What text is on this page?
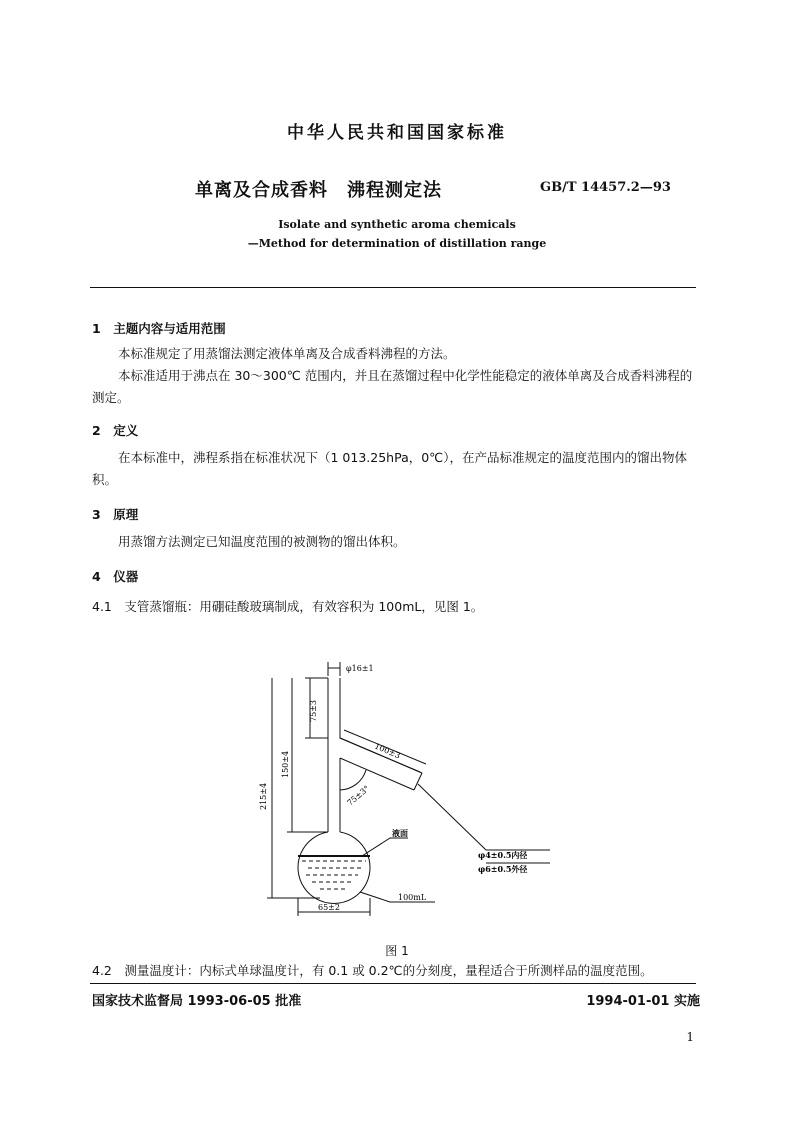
中华人民共和国国家标准
单离及合成香料　沸程测定法	GB/T 14457.2—93
Isolate and synthetic aroma chemicals
—Method for determination of distillation range
1　主题内容与适用范围
本标准规定了用蒸馏法测定液体单离及合成香料沸程的方法。
本标准适用于沸点在 30～300℃ 范围内，并且在蒸馏过程中化学性能稳定的液体单离及合成香料沸程的测定。
2　定义
在本标准中，沸程系指在标准状况下（1 013.25hPa，0℃），在产品标准规定的温度范围内的馏出物体积。
3　原理
用蒸馏方法测定已知温度范围的被测物的馏出体积。
4　仪器
4.1　支管蒸馏瓶：用硼硅酸玻璃制成，有效容积为 100mL，见图 1。
φ16±1
75±3
150±4
215±4
100±3
75±3°
液面
φ4±0.5内径
φ6±0.5外径
100mL
65±2
图 1
4.2　测量温度计：内标式单球温度计，有 0.1 或 0.2℃的分刻度，量程适合于所测样品的温度范围。
国家技术监督局 1993-06-05 批准	1994-01-01 实施
1
